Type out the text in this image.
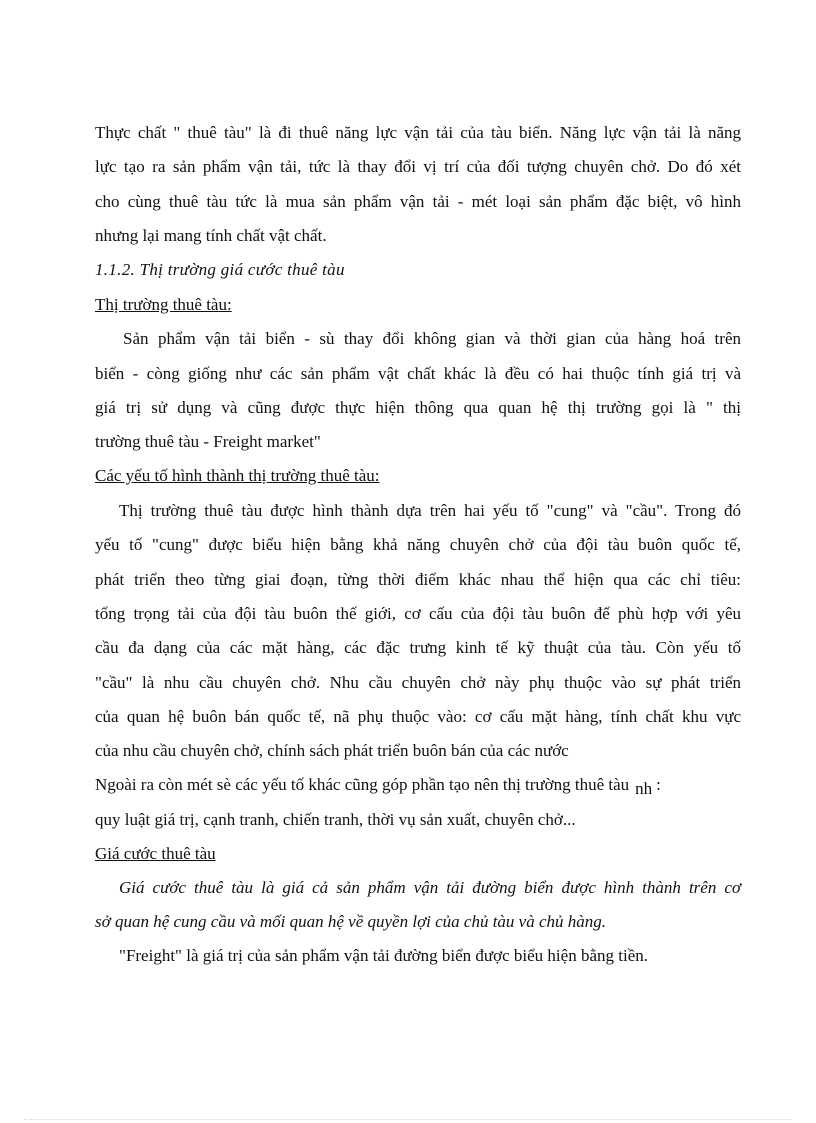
Thực chất " thuê tàu" là đi thuê năng lực vận tải của tàu biển. Năng lực vận tải là năng
lực tạo ra sản phẩm vận tải, tức là thay đổi vị trí của đối tượng chuyên chở. Do đó xét
cho cùng thuê tàu tức là mua sản phẩm vận tải - mét loại sản phẩm đặc biệt, vô hình
nhưng lại mang tính chất vật chất.
1.1.2. Thị trường giá cước thuê tàu
Thị trường thuê tàu:
Sản phẩm vận tải biển - sù thay đổi không gian và thời gian của hàng hoá trên
biển - còng giống như các sản phẩm vật chất khác là đều có hai thuộc tính giá trị và
giá trị sử dụng và cũng được thực hiện thông qua quan hệ thị trường gọi là " thị
trường thuê tàu - Freight market"
Các yếu tố hình thành thị trường thuê tàu:
Thị trường thuê tàu được hình thành dựa trên hai yếu tố "cung" và "cầu". Trong đó
yếu tố "cung" được biểu hiện bằng khả năng chuyên chở của đội tàu buôn quốc tế,
phát triển theo từng giai đoạn, từng thời điểm khác nhau thể hiện qua các chỉ tiêu:
tổng trọng tải của đội tàu buôn thế giới, cơ cấu của đội tàu buôn để phù hợp với yêu
cầu đa dạng của các mặt hàng, các đặc trưng kinh tế kỹ thuật của tàu. Còn yếu tố
"cầu" là nhu cầu chuyên chở. Nhu cầu chuyên chở này phụ thuộc vào sự phát triển
của quan hệ buôn bán quốc tế, nã phụ thuộc vào: cơ cấu mặt hàng, tính chất khu vực
của nhu cầu chuyên chở, chính sách phát triển buôn bán của các nước
Ngoài ra còn mét sè các yếu tố khác cũng góp phần tạo nên thị trường thuê tàu nh :
quy luật giá trị, cạnh tranh, chiến tranh, thời vụ sản xuất, chuyên chở...
Giá cước thuê tàu
Giá cước thuê tàu là giá cả sản phẩm vận tải đường biển được hình thành trên cơ
sở quan hệ cung cầu và mối quan hệ về quyền lợi của chủ tàu và chủ hàng.
"Freight" là giá trị của sản phẩm vận tải đường biển được biểu hiện bằng tiền.
